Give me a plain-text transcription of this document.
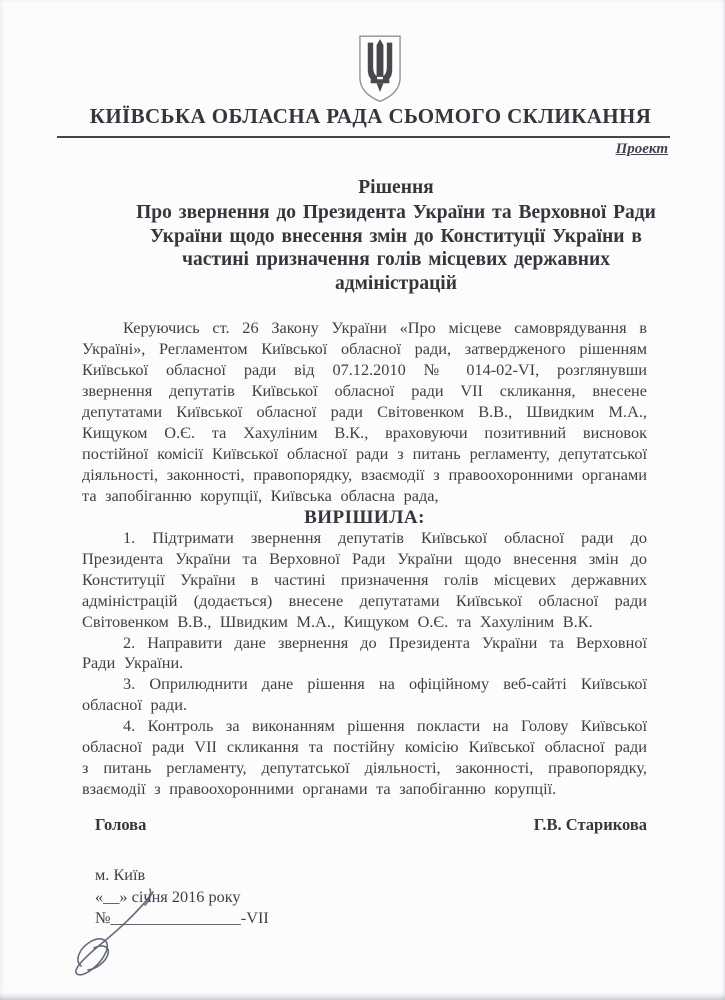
КИЇВСЬКА ОБЛАСНА РАДА СЬОМОГО СКЛИКАННЯ
Проект
Рішення
Про звернення до Президента України та Верховної Ради України щодо внесення змін до Конституції України в частині призначення голів місцевих державних адміністрацій

Керуючись ст. 26 Закону України «Про місцеве самоврядування в Україні», Регламентом Київської обласної ради, затвердженого рішенням Київської обласної ради від 07.12.2010 № 014-02-VI, розглянувши звернення депутатів Київської обласної ради VII скликання, внесене депутатами Київської обласної ради Світовенком В.В., Швидким М.А., Кищуком О.Є. та Хахуліним В.К., враховуючи позитивний висновок постійної комісії Київської обласної ради з питань регламенту, депутатської діяльності, законності, правопорядку, взаємодії з правоохоронними органами та запобіганню корупції, Київська обласна рада,

ВИРІШИЛА:

1. Підтримати звернення депутатів Київської обласної ради до Президента України та Верховної Ради України щодо внесення змін до Конституції України в частині призначення голів місцевих державних адміністрацій (додається) внесене депутатами Київської обласної ради Світовенком В.В., Швидким М.А., Кищуком О.Є. та Хахуліним В.К.

2. Направити дане звернення до Президента України та Верховної Ради України.

3. Оприлюднити дане рішення на офіційному веб-сайті Київської обласної ради.

4. Контроль за виконанням рішення покласти на Голову Київської обласної ради VII скликання та постійну комісію Київської обласної ради з питань регламенту, депутатської діяльності, законності, правопорядку, взаємодії з правоохоронними органами та запобіганню корупції.

Голова	Г.В. Старикова
м. Київ
«__» січня 2016 року
№________________-VII
